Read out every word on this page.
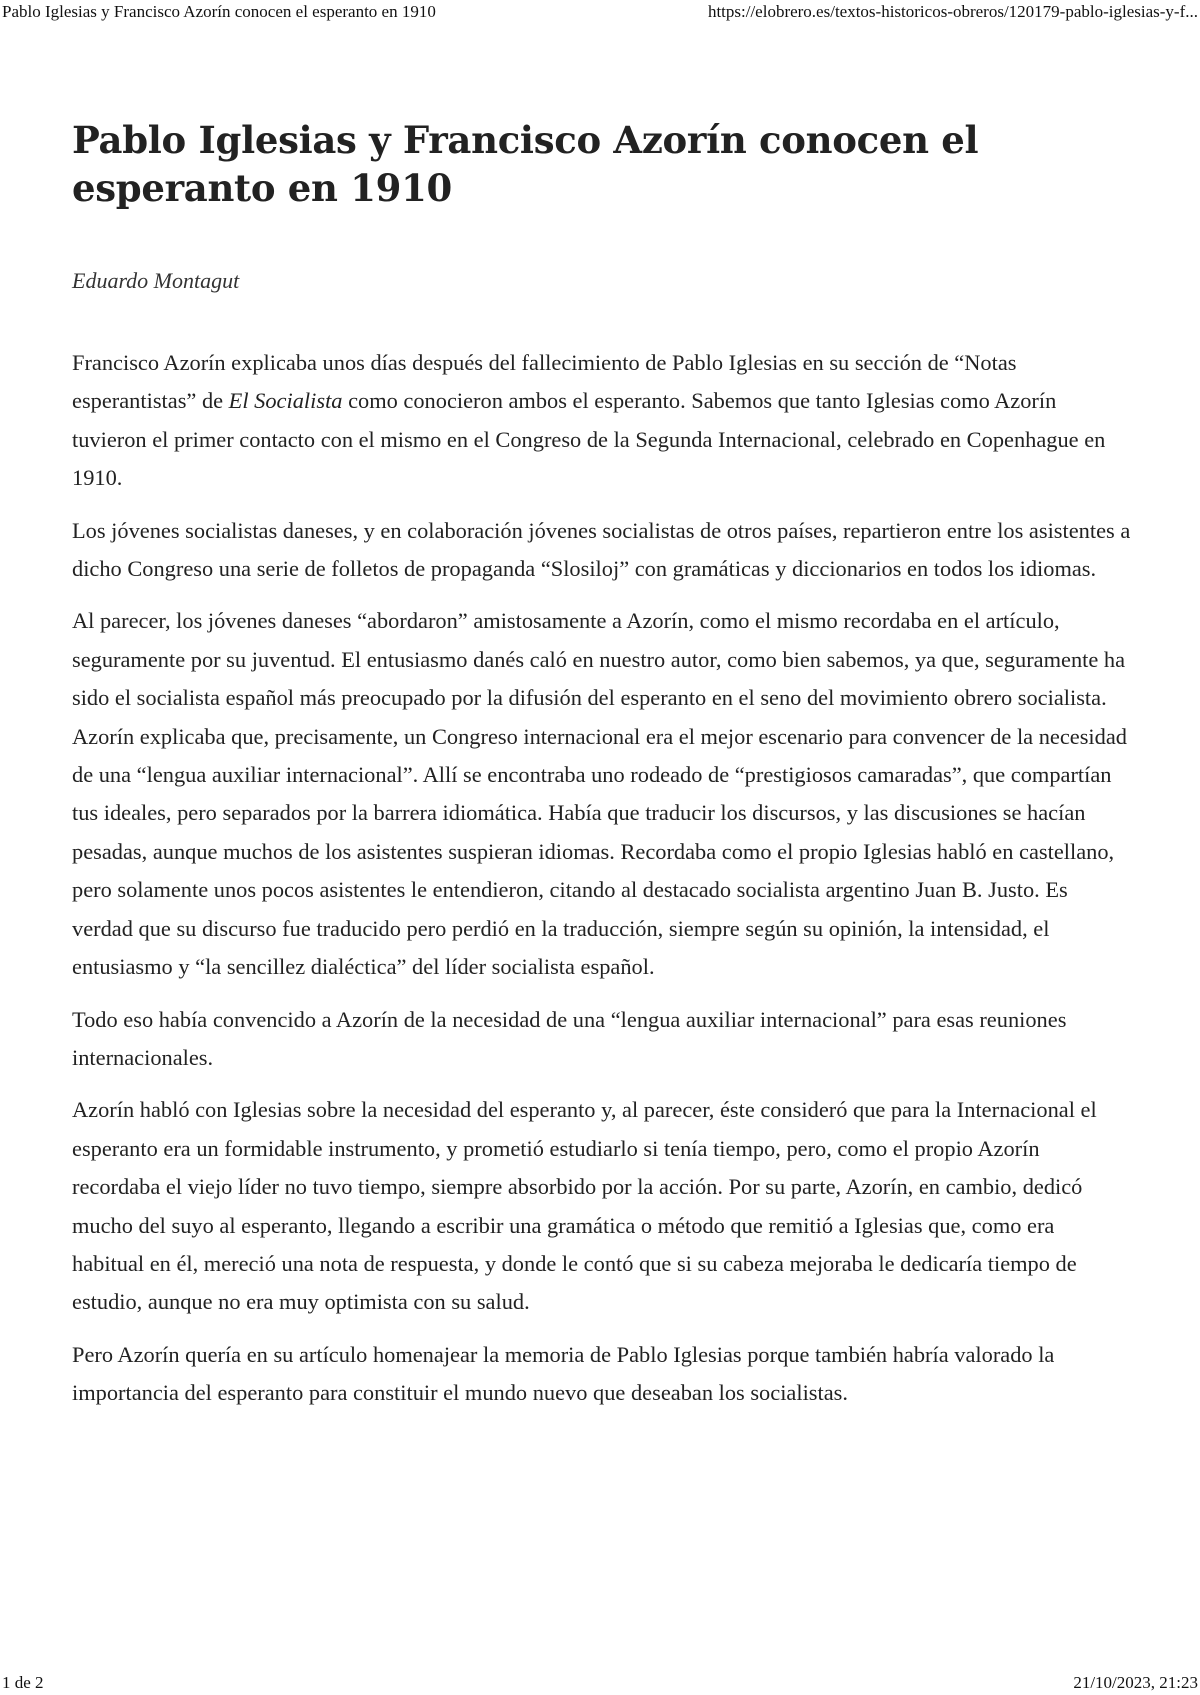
Pablo Iglesias y Francisco Azorín conocen el esperanto en 1910	https://elobrero.es/textos-historicos-obreros/120179-pablo-iglesias-y-f...
Pablo Iglesias y Francisco Azorín conocen el esperanto en 1910

Eduardo Montagut

Francisco Azorín explicaba unos días después del fallecimiento de Pablo Iglesias en su sección de “Notas esperantistas” de El Socialista como conocieron ambos el esperanto. Sabemos que tanto Iglesias como Azorín tuvieron el primer contacto con el mismo en el Congreso de la Segunda Internacional, celebrado en Copenhague en 1910.

Los jóvenes socialistas daneses, y en colaboración jóvenes socialistas de otros países, repartieron entre los asistentes a dicho Congreso una serie de folletos de propaganda “Slosiloj” con gramáticas y diccionarios en todos los idiomas.

Al parecer, los jóvenes daneses “abordaron” amistosamente a Azorín, como el mismo recordaba en el artículo, seguramente por su juventud. El entusiasmo danés caló en nuestro autor, como bien sabemos, ya que, seguramente ha sido el socialista español más preocupado por la difusión del esperanto en el seno del movimiento obrero socialista. Azorín explicaba que, precisamente, un Congreso internacional era el mejor escenario para convencer de la necesidad de una “lengua auxiliar internacional”. Allí se encontraba uno rodeado de “prestigiosos camaradas”, que compartían tus ideales, pero separados por la barrera idiomática. Había que traducir los discursos, y las discusiones se hacían pesadas, aunque muchos de los asistentes suspieran idiomas. Recordaba como el propio Iglesias habló en castellano, pero solamente unos pocos asistentes le entendieron, citando al destacado socialista argentino Juan B. Justo. Es verdad que su discurso fue traducido pero perdió en la traducción, siempre según su opinión, la intensidad, el entusiasmo y “la sencillez dialéctica” del líder socialista español.

Todo eso había convencido a Azorín de la necesidad de una “lengua auxiliar internacional” para esas reuniones internacionales.

Azorín habló con Iglesias sobre la necesidad del esperanto y, al parecer, éste consideró que para la Internacional el esperanto era un formidable instrumento, y prometió estudiarlo si tenía tiempo, pero, como el propio Azorín recordaba el viejo líder no tuvo tiempo, siempre absorbido por la acción. Por su parte, Azorín, en cambio, dedicó mucho del suyo al esperanto, llegando a escribir una gramática o método que remitió a Iglesias que, como era habitual en él, mereció una nota de respuesta, y donde le contó que si su cabeza mejoraba le dedicaría tiempo de estudio, aunque no era muy optimista con su salud.

Pero Azorín quería en su artículo homenajear la memoria de Pablo Iglesias porque también habría valorado la importancia del esperanto para constituir el mundo nuevo que deseaban los socialistas.

1 de 2	21/10/2023, 21:23
